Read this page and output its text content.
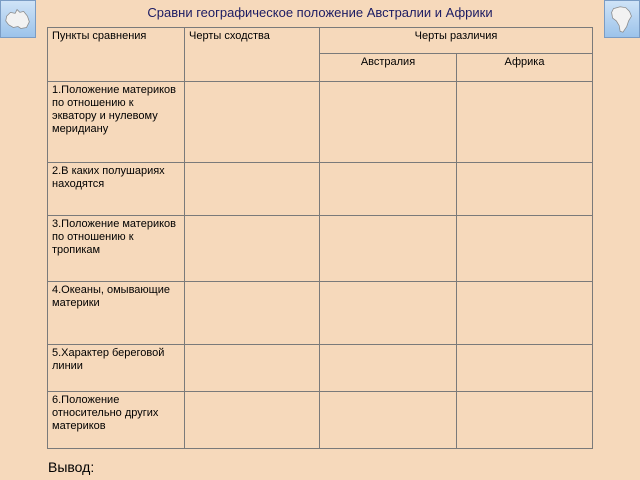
Сравни географическое положение Австралии и Африки
Пункты сравнения	Черты сходства	Черты различия	
		Австралия	Африка
1.Положение материков по отношению к экватору и нулевому меридиану			
2.В каких полушариях находятся			
3.Положение материков по отношению к тропикам			
4.Океаны, омывающие материки			
5.Характер береговой линии			
6.Положение относительно других материков			
Вывод:
